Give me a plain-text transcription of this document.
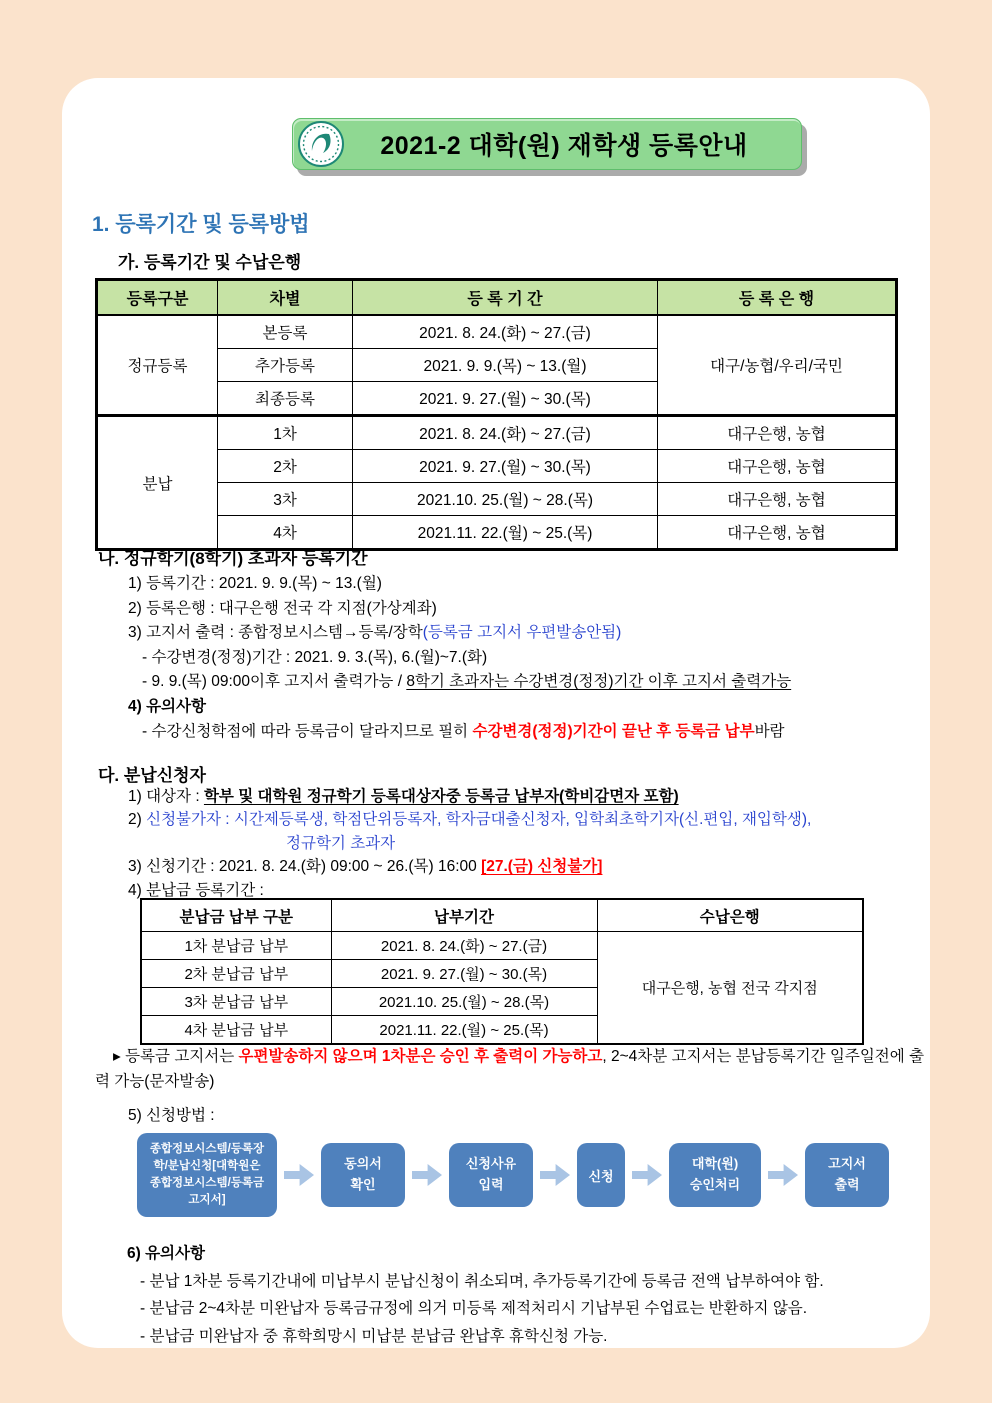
2021-2 대학(원) 재학생 등록안내
1. 등록기간 및 등록방법
가. 등록기간 및 수납은행
등록구분	차별	등 록 기 간	등 록 은 행
정규등록	본등록	2021. 8. 24.(화) ~ 27.(금)	대구/농협/우리/국민
	추가등록	2021. 9. 9.(목) ~ 13.(월)	
	최종등록	2021. 9. 27.(월) ~ 30.(목)	
분납	1차	2021. 8. 24.(화) ~ 27.(금)	대구은행, 농협
	2차	2021. 9. 27.(월) ~ 30.(목)	대구은행, 농협
	3차	2021.10. 25.(월) ~ 28.(목)	대구은행, 농협
	4차	2021.11. 22.(월) ~ 25.(목)	대구은행, 농협
나. 정규학기(8학기) 초과자 등록기간
1) 등록기간 : 2021. 9. 9.(목) ~ 13.(월)
2) 등록은행 : 대구은행 전국 각 지점(가상계좌)
3) 고지서 출력 : 종합정보시스템→등록/장학(등록금 고지서 우편발송안됨)
- 수강변경(정정)기간 : 2021. 9. 3.(목), 6.(월)~7.(화)
- 9. 9.(목) 09:00이후 고지서 출력가능 / 8학기 초과자는 수강변경(정정)기간 이후 고지서 출력가능
4) 유의사항
- 수강신청학점에 따라 등록금이 달라지므로 필히 수강변경(정정)기간이 끝난 후 등록금 납부바람
다. 분납신청자
1) 대상자 : 학부 및 대학원 정규학기 등록대상자중 등록금 납부자(학비감면자 포함)
2) 신청불가자 : 시간제등록생, 학점단위등록자, 학자금대출신청자, 입학최초학기자(신.편입, 재입학생),
정규학기 초과자
3) 신청기간 : 2021. 8. 24.(화) 09:00 ~ 26.(목) 16:00 [27.(금) 신청불가]
4) 분납금 등록기간 :
분납금 납부 구분	납부기간	수납은행
1차 분납금 납부	2021. 8. 24.(화) ~ 27.(금)	대구은행, 농협 전국 각지점
2차 분납금 납부	2021. 9. 27.(월) ~ 30.(목)	
3차 분납금 납부	2021.10. 25.(월) ~ 28.(목)	
4차 분납금 납부	2021.11. 22.(월) ~ 25.(목)	
▸ 등록금 고지서는 우편발송하지 않으며 1차분은 승인 후 출력이 가능하고, 2~4차분 고지서는 분납등록기간 일주일전에 출력 가능(문자발송)
5) 신청방법 :
종합정보시스템/등록장
학/분납신청[대학원은
종합정보시스템/등록금
고지서]
동의서
확인
신청사유
입력
신청
대학(원)
승인처리
고지서
출력
6) 유의사항
- 분납 1차분 등록기간내에 미납부시 분납신청이 취소되며, 추가등록기간에 등록금 전액 납부하여야 함.
- 분납금 2~4차분 미완납자 등록금규정에 의거 미등록 제적처리시 기납부된 수업료는 반환하지 않음.
- 분납금 미완납자 중 휴학희망시 미납분 분납금 완납후 휴학신청 가능.
